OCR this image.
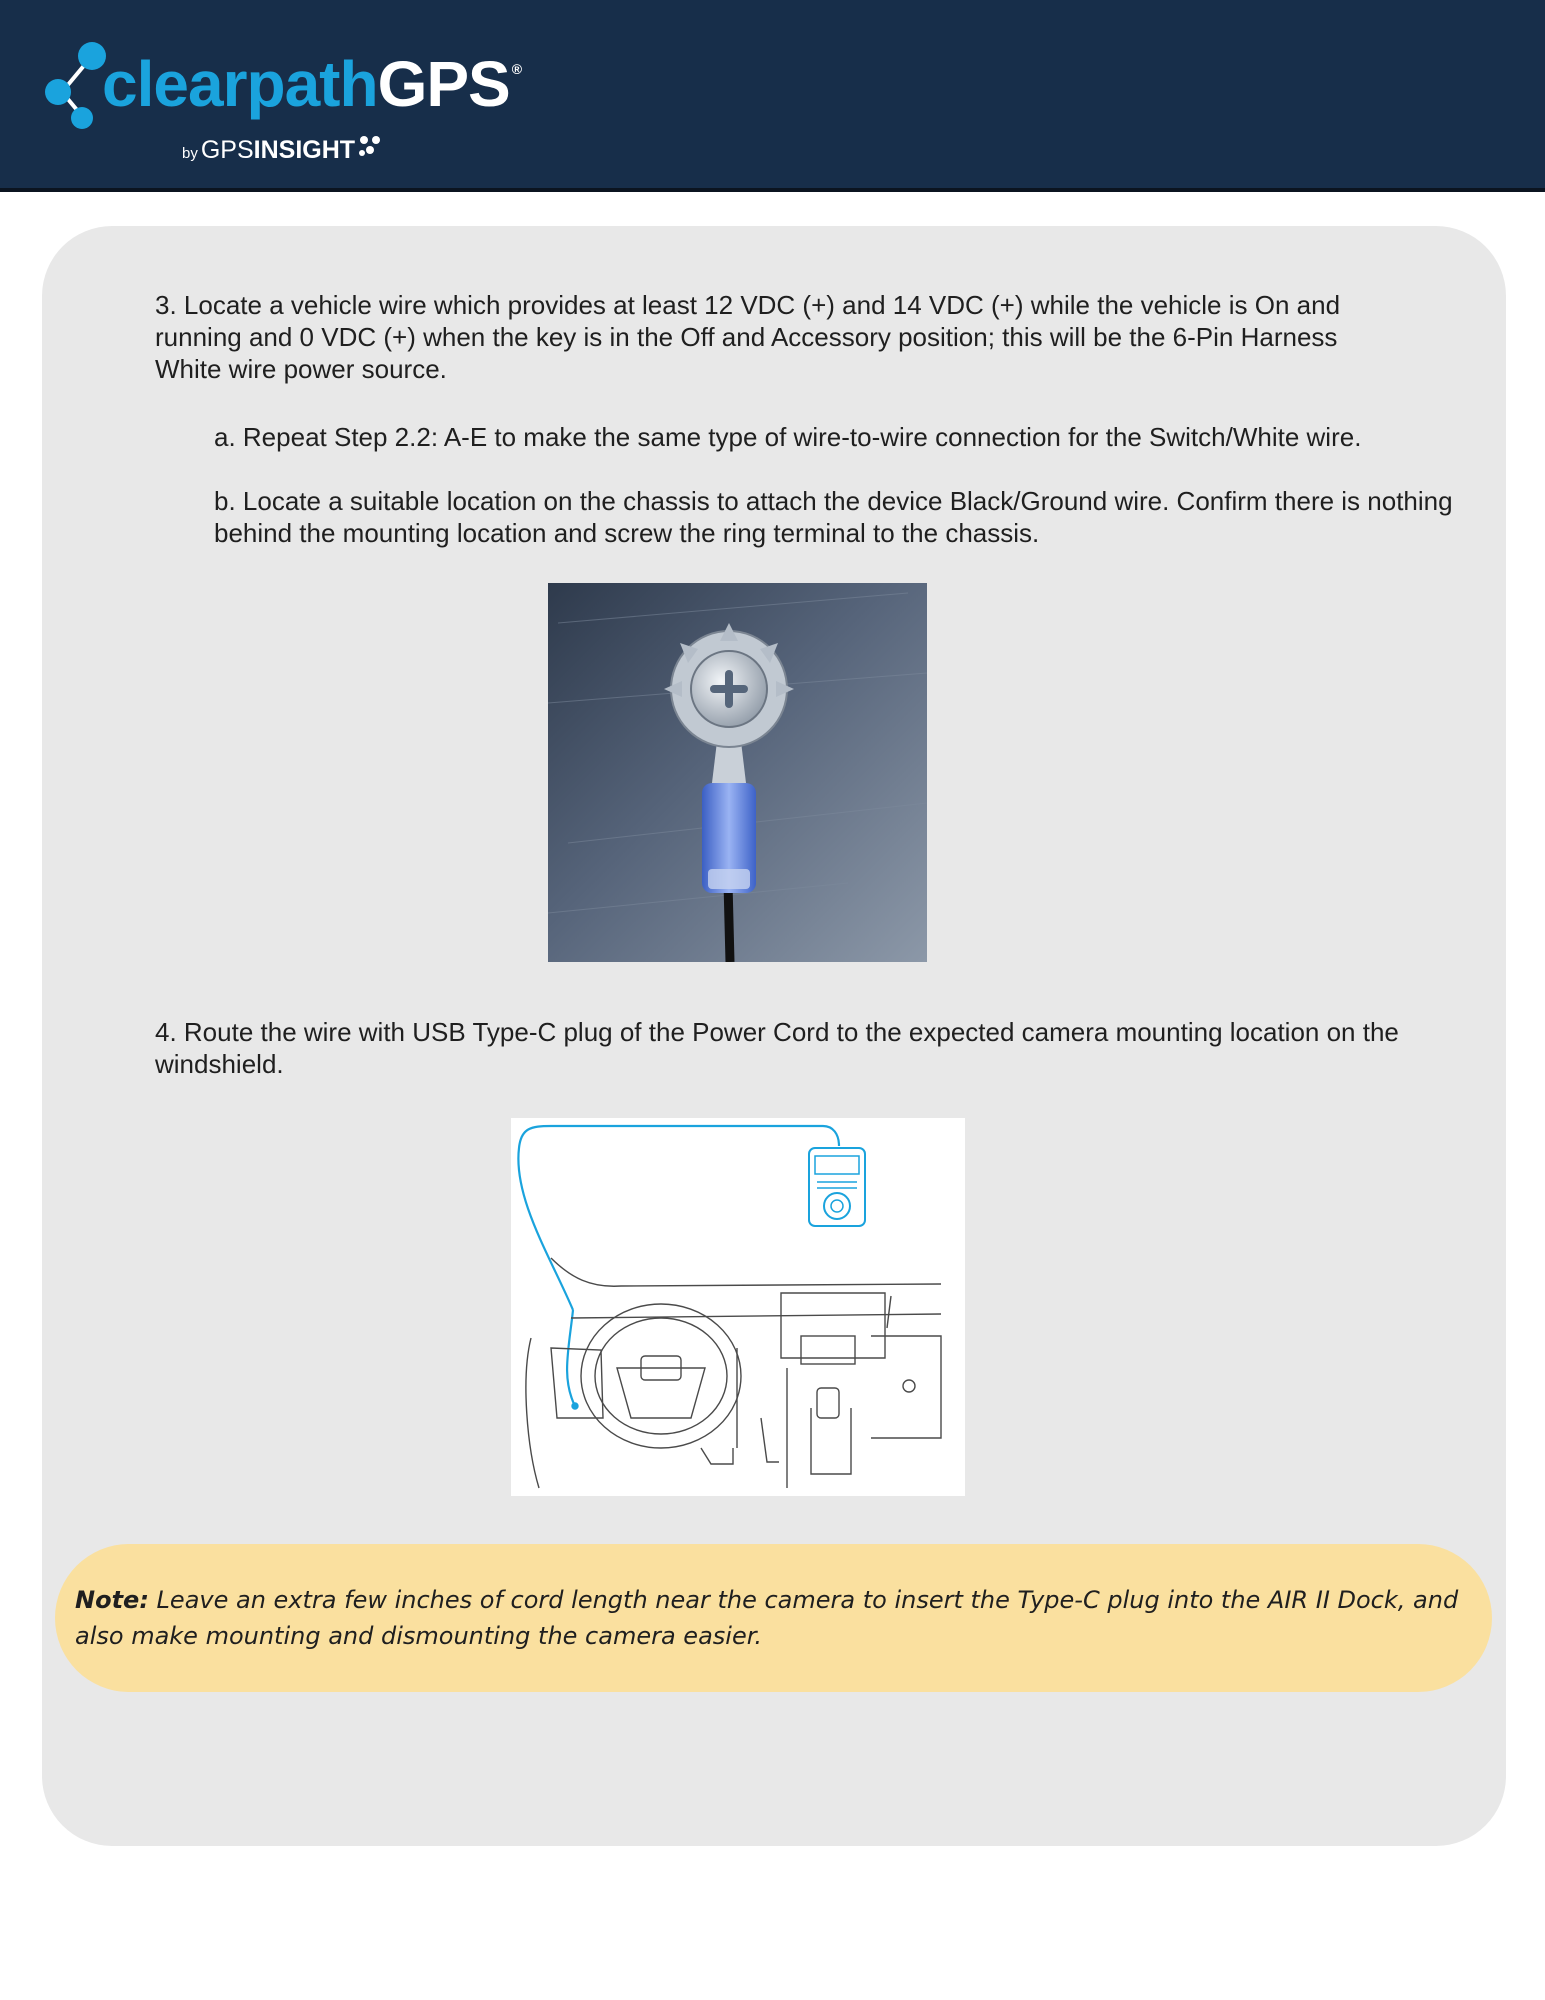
clearpathGPS ®
by GPSINSIGHT

3. Locate a vehicle wire which provides at least 12 VDC (+) and 14 VDC (+) while the vehicle is On and running and 0 VDC (+) when the key is in the Off and Accessory position; this will be the 6-Pin Harness White wire power source.

a. Repeat Step 2.2: A-E to make the same type of wire-to-wire connection for the Switch/White wire.

b. Locate a suitable location on the chassis to attach the device Black/Ground wire. Confirm there is nothing behind the mounting location and screw the ring terminal to the chassis.

4. Route the wire with USB Type-C plug of the Power Cord to the expected camera mounting location on the windshield.

Note: Leave an extra few inches of cord length near the camera to insert the Type-C plug into the AIR II Dock, and also make mounting and dismounting the camera easier.
